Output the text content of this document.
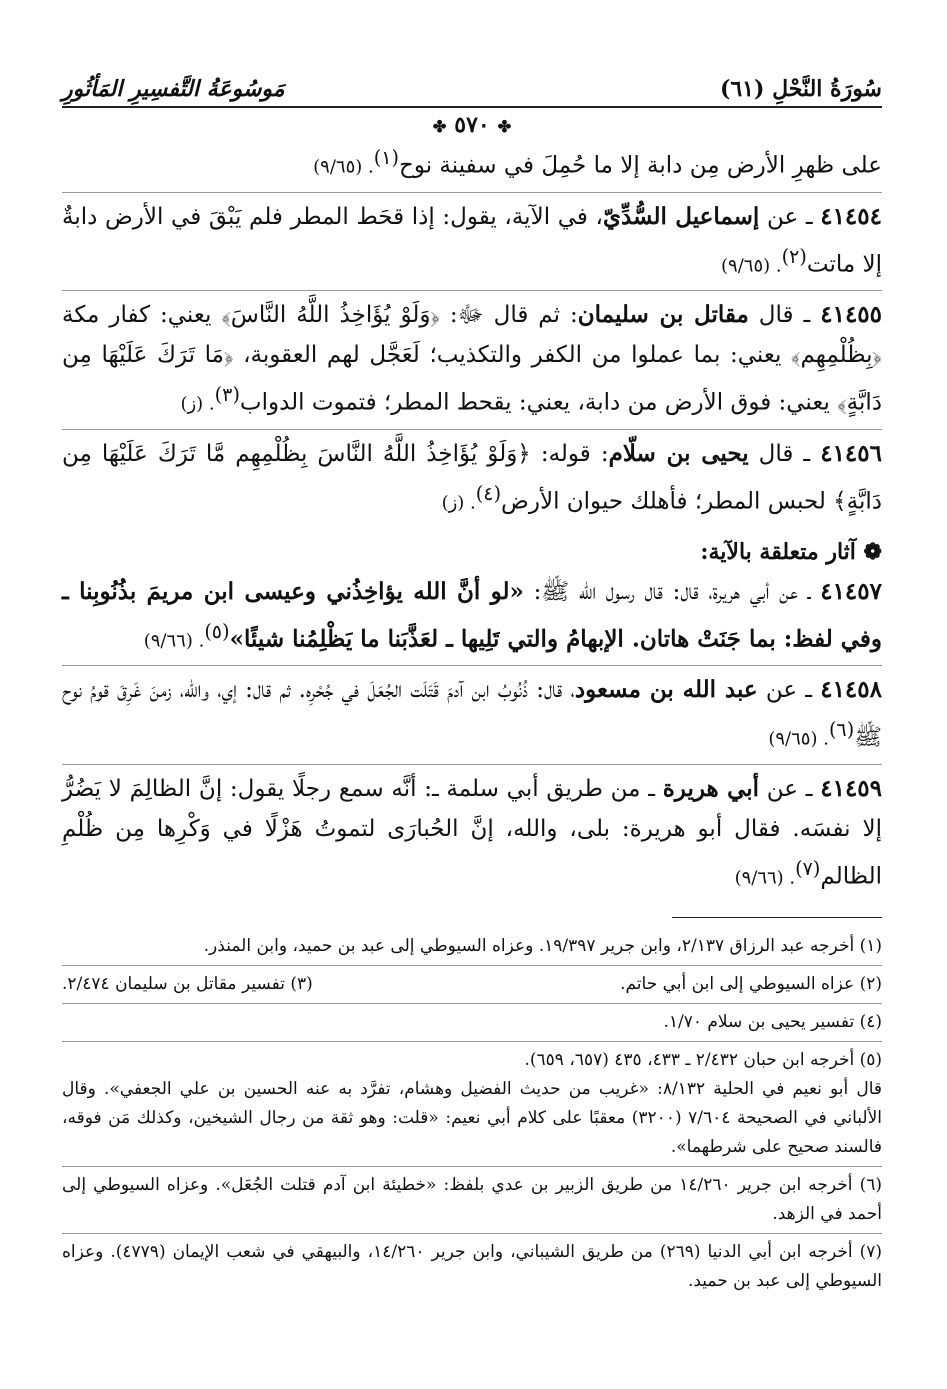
سُورَةُ النَّحْلِ (٦١)
مَوسُوعَةُ التَّفسِيرِ المَأثُورِ
✤٥٧٠✤

على ظهرِ الأرض مِن دابة إلا ما حُمِلَ في سفينة نوح$^{(١)}$. (٩/٦٥)

٤١٤٥٤ ـ عن إسماعيل السُّدِّيّ، في الآية، يقول: إذا قحَط المطر فلم يَبْقَ في الأرض دابةٌ إلا ماتت$^{(٢)}$. (٩/٦٥)

٤١٤٥٥ ـ قال مقاتل بن سليمان: ثم قال ﷻ: ﴿وَلَوْ يُؤَاخِذُ اللَّهُ النَّاسَ﴾ يعني: كفار مكة ﴿بِظُلْمِهِم﴾ يعني: بما عملوا من الكفر والتكذيب؛ لَعَجَّل لهم العقوبة، ﴿مَا تَرَكَ عَلَيْهَا مِن دَابَّةٍ﴾ يعني: فوق الأرض من دابة، يعني: يقحط المطر؛ فتموت الدواب$^{(٣)}$. (ز)

٤١٤٥٦ ـ قال يحيى بن سلّام: قوله: ﴿وَلَوْ يُؤَاخِذُ اللَّهُ النَّاسَ بِظُلْمِهِم مَّا تَرَكَ عَلَيْهَا مِن دَابَّةٍ﴾ لحبس المطر؛ فأهلك حيوان الأرض$^{(٤)}$. (ز)

❁ آثار متعلقة بالآية:

٤١٤٥٧ ـ عن أبي هريرة، قال: قال رسول الله ﷺ: «لو أنَّ الله يؤاخِذُني وعيسى ابن مريمَ بذُنُوبِنا ـ وفي لفظ: بما جَنَتْ هاتان. الإبهامُ والتي تَلِيها ـ لعَذَّبَنا ما يَظْلِمُنا شيئًا»$^{(٥)}$. (٩/٦٦)

٤١٤٥٨ ـ عن عبد الله بن مسعود، قال: ذُنُوبُ ابن آدمَ قَتَلَت الجُعَلَ في جُحْرِه. ثم قال: إي، والله، زمنَ غَرِقَ قومُ نوح ﷺ$^{(٦)}$. (٩/٦٥)

٤١٤٥٩ ـ عن أبي هريرة ـ من طريق أبي سلمة ـ: أنَّه سمع رجلًا يقول: إنَّ الظالِمَ لا يَضُرُّ إلا نفسَه. فقال أبو هريرة: بلى، والله، إنَّ الحُبارَى لتموتُ هَزْلًا في وَكْرِها مِن ظُلْمِ الظالم$^{(٧)}$. (٩/٦٦)

(١) أخرجه عبد الرزاق ٢/١٣٧، وابن جرير ١٩/٣٩٧. وعزاه السيوطي إلى عبد بن حميد، وابن المنذر.

(٢) عزاه السيوطي إلى ابن أبي حاتم.

(٣) تفسير مقاتل بن سليمان ٢/٤٧٤.

(٤) تفسير يحيى بن سلام ١/٧٠.

(٥) أخرجه ابن حبان ٢/٤٣٢ ـ ٤٣٣، ٤٣٥ (٦٥٧، ٦٥٩).

قال أبو نعيم في الحلية ٨/١٣٢: «غريب من حديث الفضيل وهشام، تفرَّد به عنه الحسين بن علي الجعفي». وقال الألباني في الصحيحة ٧/٦٠٤ (٣٢٠٠) معقبًا على كلام أبي نعيم: «قلت: وهو ثقة من رجال الشيخين، وكذلك مَن فوقه، فالسند صحيح على شرطهما».

(٦) أخرجه ابن جرير ١٤/٢٦٠ من طريق الزبير بن عدي بلفظ: «خطيئة ابن آدم قتلت الجُعَل». وعزاه السيوطي إلى أحمد في الزهد.

(٧) أخرجه ابن أبي الدنيا (٢٦٩) من طريق الشيباني، وابن جرير ١٤/٢٦٠، والبيهقي في شعب الإيمان (٤٧٧٩). وعزاه السيوطي إلى عبد بن حميد.
